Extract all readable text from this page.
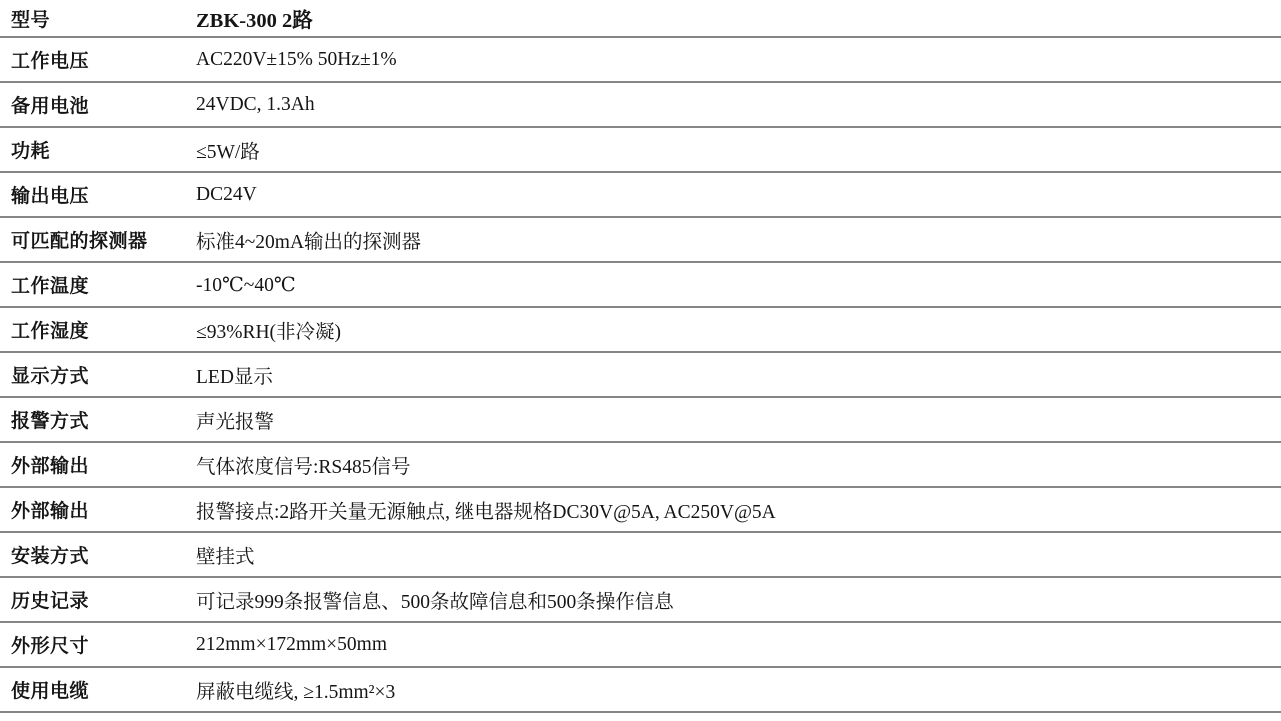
型号	ZBK-300 2路
工作电压	AC220V±15% 50Hz±1%
备用电池	24VDC, 1.3Ah
功耗	≤5W/路
输出电压	DC24V
可匹配的探测器	标准4~20mA输出的探测器
工作温度	-10℃~40℃
工作湿度	≤93%RH(非冷凝)
显示方式	LED显示
报警方式	声光报警
外部输出	气体浓度信号:RS485信号
外部输出	报警接点:2路开关量无源触点, 继电器规格DC30V@5A, AC250V@5A
安装方式	壁挂式
历史记录	可记录999条报警信息、500条故障信息和500条操作信息
外形尺寸	212mm×172mm×50mm
使用电缆	屏蔽电缆线, ≥1.5mm²×3
